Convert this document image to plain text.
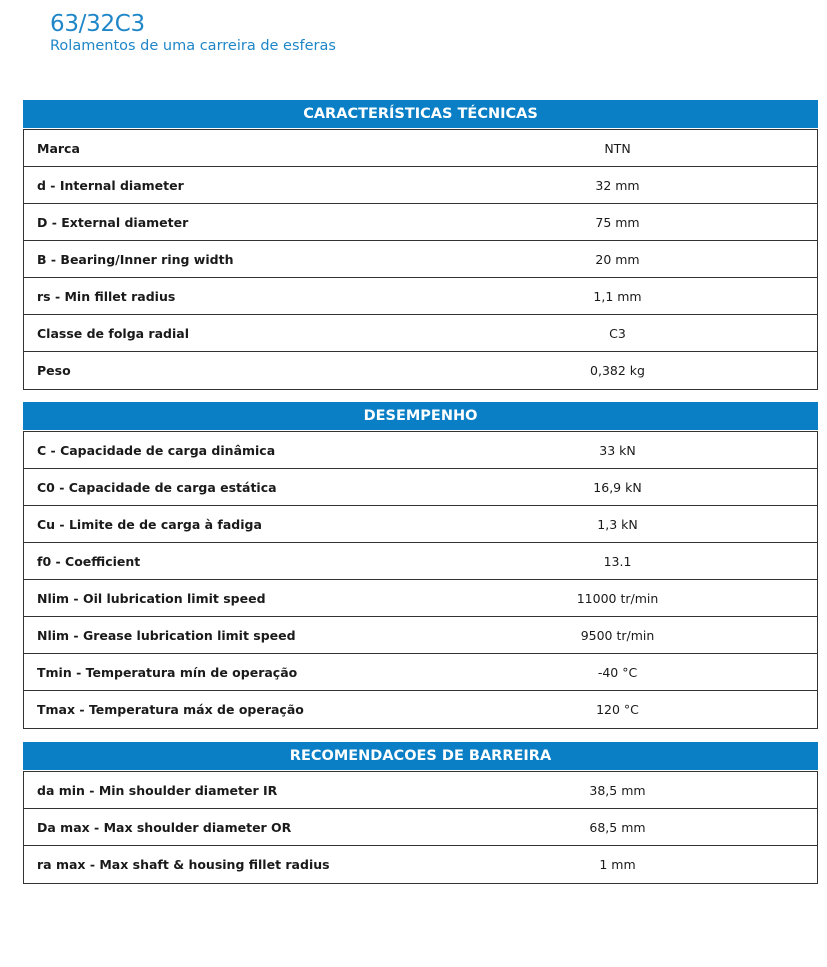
63/32C3
Rolamentos de uma carreira de esferas
CARACTERÍSTICAS TÉCNICAS
Marca	NTN
d - Internal diameter	32 mm
D - External diameter	75 mm
B - Bearing/Inner ring width	20 mm
rs - Min fillet radius	1,1 mm
Classe de folga radial	C3
Peso	0,382 kg
DESEMPENHO
C - Capacidade de carga dinâmica	33 kN
C0 - Capacidade de carga estática	16,9 kN
Cu - Limite de de carga à fadiga	1,3 kN
f0 - Coefficient	13.1
Nlim - Oil lubrication limit speed	11000 tr/min
Nlim - Grease lubrication limit speed	9500 tr/min
Tmin - Temperatura mín de operação	-40 °C
Tmax - Temperatura máx de operação	120 °C
RECOMENDACOES DE BARREIRA
da min - Min shoulder diameter IR	38,5 mm
Da max - Max shoulder diameter OR	68,5 mm
ra max - Max shaft & housing fillet radius	1 mm
